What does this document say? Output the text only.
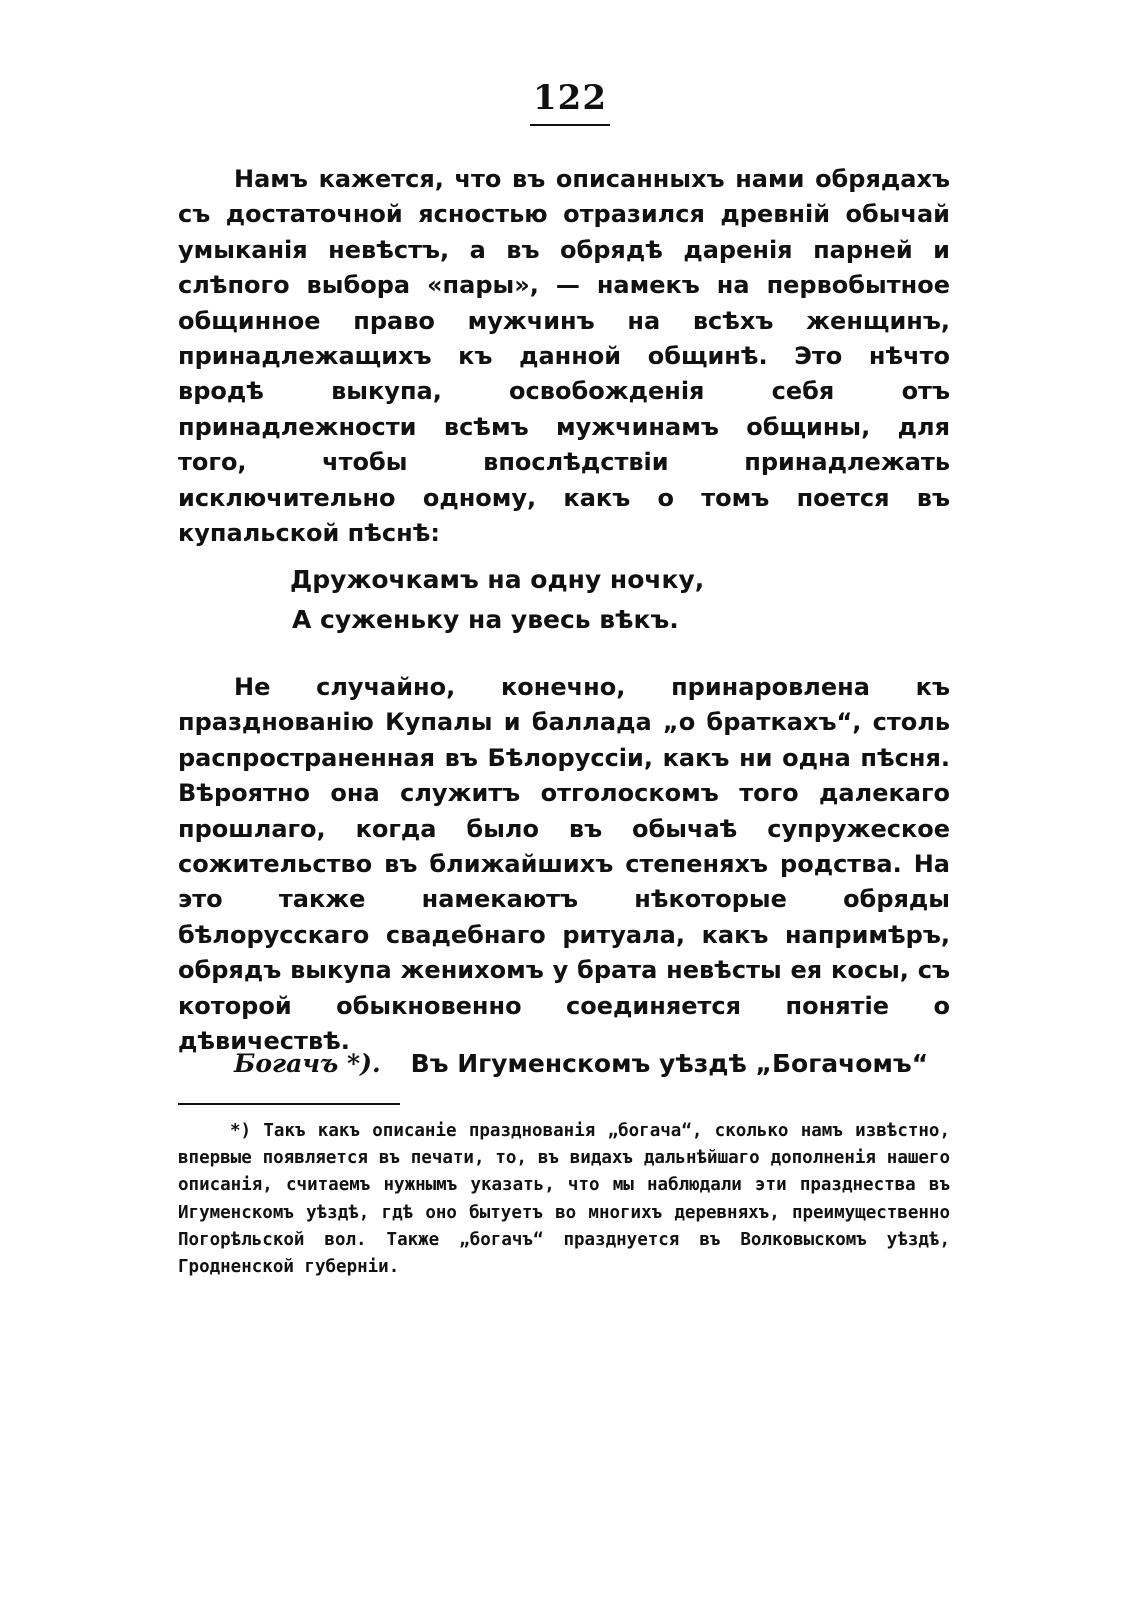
122

Намъ кажется, что въ описанныхъ нами обрядахъ съ достаточной ясностью отразился древній обычай умыканія невѣстъ, а въ обрядѣ даренія парней и слѣпого выбора «пары», — намекъ на первобытное общинное право мужчинъ на всѣхъ женщинъ, принадлежащихъ къ данной общинѣ. Это нѣчто вродѣ выкупа, освобожденія себя отъ принадлежности всѣмъ мужчинамъ общины, для того, чтобы впослѣдствіи принадлежать исключительно одному, какъ о томъ поется въ купальской пѣснѣ:

Дружочкамъ на одну ночку,
А суженьку на увесь вѣкъ.

Не случайно, конечно, принаровлена къ празднованію Купалы и баллада „о браткахъ“, столь распространенная въ Бѣлоруссіи, какъ ни одна пѣсня. Вѣроятно она служитъ отголоскомъ того далекаго прошлаго, когда было въ обычаѣ супружеское сожительство въ ближайшихъ степеняхъ родства. На это также намекаютъ нѣкоторые обряды бѣлорусскаго свадебнаго ритуала, какъ напримѣръ, обрядъ выкупа женихомъ у брата невѣсты ея косы, съ которой обыкновенно соединяется понятіе о дѣвичествѣ.

Богачъ *). Въ Игуменскомъ уѣздѣ „Богачомъ“

*) Такъ какъ описаніе празднованія „богача“, сколько намъ извѣстно, впервые появляется въ печати, то, въ видахъ дальнѣйшаго дополненія нашего описанія, считаемъ нужнымъ указать, что мы наблюдали эти празднества въ Игуменскомъ уѣздѣ, гдѣ оно бытуетъ во многихъ деревняхъ, преимущественно Погорѣльской вол. Также „богачъ“ празднуется въ Волковыскомъ уѣздѣ, Гродненской губерніи.
